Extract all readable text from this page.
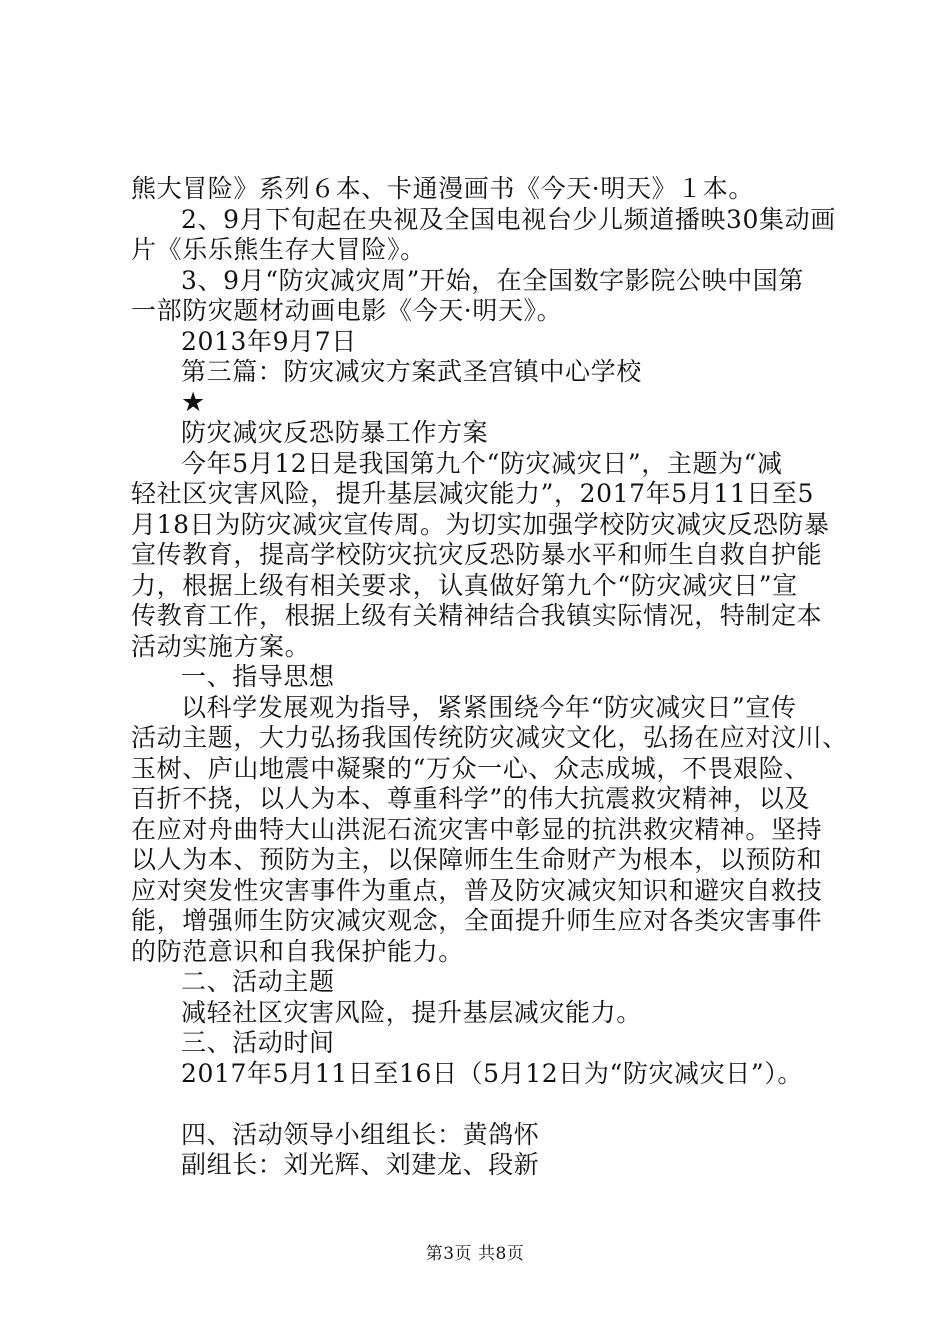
熊大冒险》系列６本、卡通漫画书《今天·明天》１本。
2、9月下旬起在央视及全国电视台少儿频道播映30集动画
片《乐乐熊生存大冒险》。
3、9月“防灾减灾周”开始，在全国数字影院公映中国第
一部防灾题材动画电影《今天·明天》。
2013年9月7日
第三篇：防灾减灾方案武圣宫镇中心学校
★
防灾减灾反恐防暴工作方案
今年5月12日是我国第九个“防灾减灾日”，主题为“减
轻社区灾害风险，提升基层减灾能力”，2017年5月11日至5
月18日为防灾减灾宣传周。为切实加强学校防灾减灾反恐防暴
宣传教育，提高学校防灾抗灾反恐防暴水平和师生自救自护能
力，根据上级有相关要求，认真做好第九个“防灾减灾日”宣
传教育工作，根据上级有关精神结合我镇实际情况，特制定本
活动实施方案。
一、指导思想
以科学发展观为指导，紧紧围绕今年“防灾减灾日”宣传
活动主题，大力弘扬我国传统防灾减灾文化，弘扬在应对汶川、
玉树、庐山地震中凝聚的“万众一心、众志成城，不畏艰险、
百折不挠，以人为本、尊重科学”的伟大抗震救灾精神，以及
在应对舟曲特大山洪泥石流灾害中彰显的抗洪救灾精神。坚持
以人为本、预防为主，以保障师生生命财产为根本，以预防和
应对突发性灾害事件为重点，普及防灾减灾知识和避灾自救技
能，增强师生防灾减灾观念，全面提升师生应对各类灾害事件
的防范意识和自我保护能力。
二、活动主题
减轻社区灾害风险，提升基层减灾能力。
三、活动时间
2017年5月11日至16日（5月12日为“防灾减灾日”）。
四、活动领导小组组长：黄鸽怀
副组长：刘光辉、刘建龙、段新
第3页 共8页
